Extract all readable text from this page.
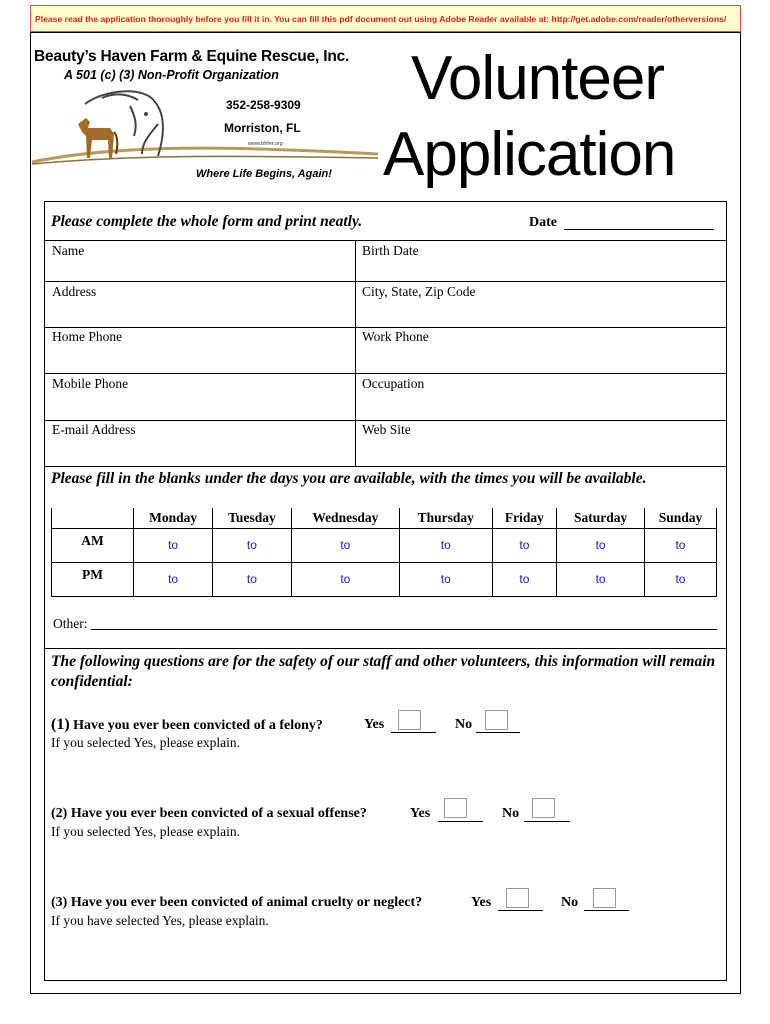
Please read the application thoroughly before you fill it in. You can fill this pdf document out using Adobe Reader available at: http://get.adobe.com/reader/otherversions/
Beauty’s Haven Farm & Equine Rescue, Inc.
A 501 (c) (3) Non-Profit Organization
352-258-9309
Morriston, FL
www.bhfer.org
Where Life Begins, Again!
Volunteer
Application
Please complete the whole form and print neatly.	Date
Name	Birth Date
Address	City, State, Zip Code
Home Phone	Work Phone
Mobile Phone	Occupation
E-mail Address	Web Site
Please fill in the blanks under the days you are available, with the times you will be available.
	Monday	Tuesday	Wednesday	Thursday	Friday	Saturday	Sunday
AM	to	to	to	to	to	to	to
PM	to	to	to	to	to	to	to
Other:
The following questions are for the safety of our staff and other volunteers, this information will remain confidential:
(1) Have you ever been convicted of a felony?	Yes	No
If you selected Yes, please explain.
(2) Have you ever been convicted of a sexual offense?	Yes	No
If you selected Yes, please explain.
(3) Have you ever been convicted of animal cruelty or neglect?	Yes	No
If you have selected Yes, please explain.
